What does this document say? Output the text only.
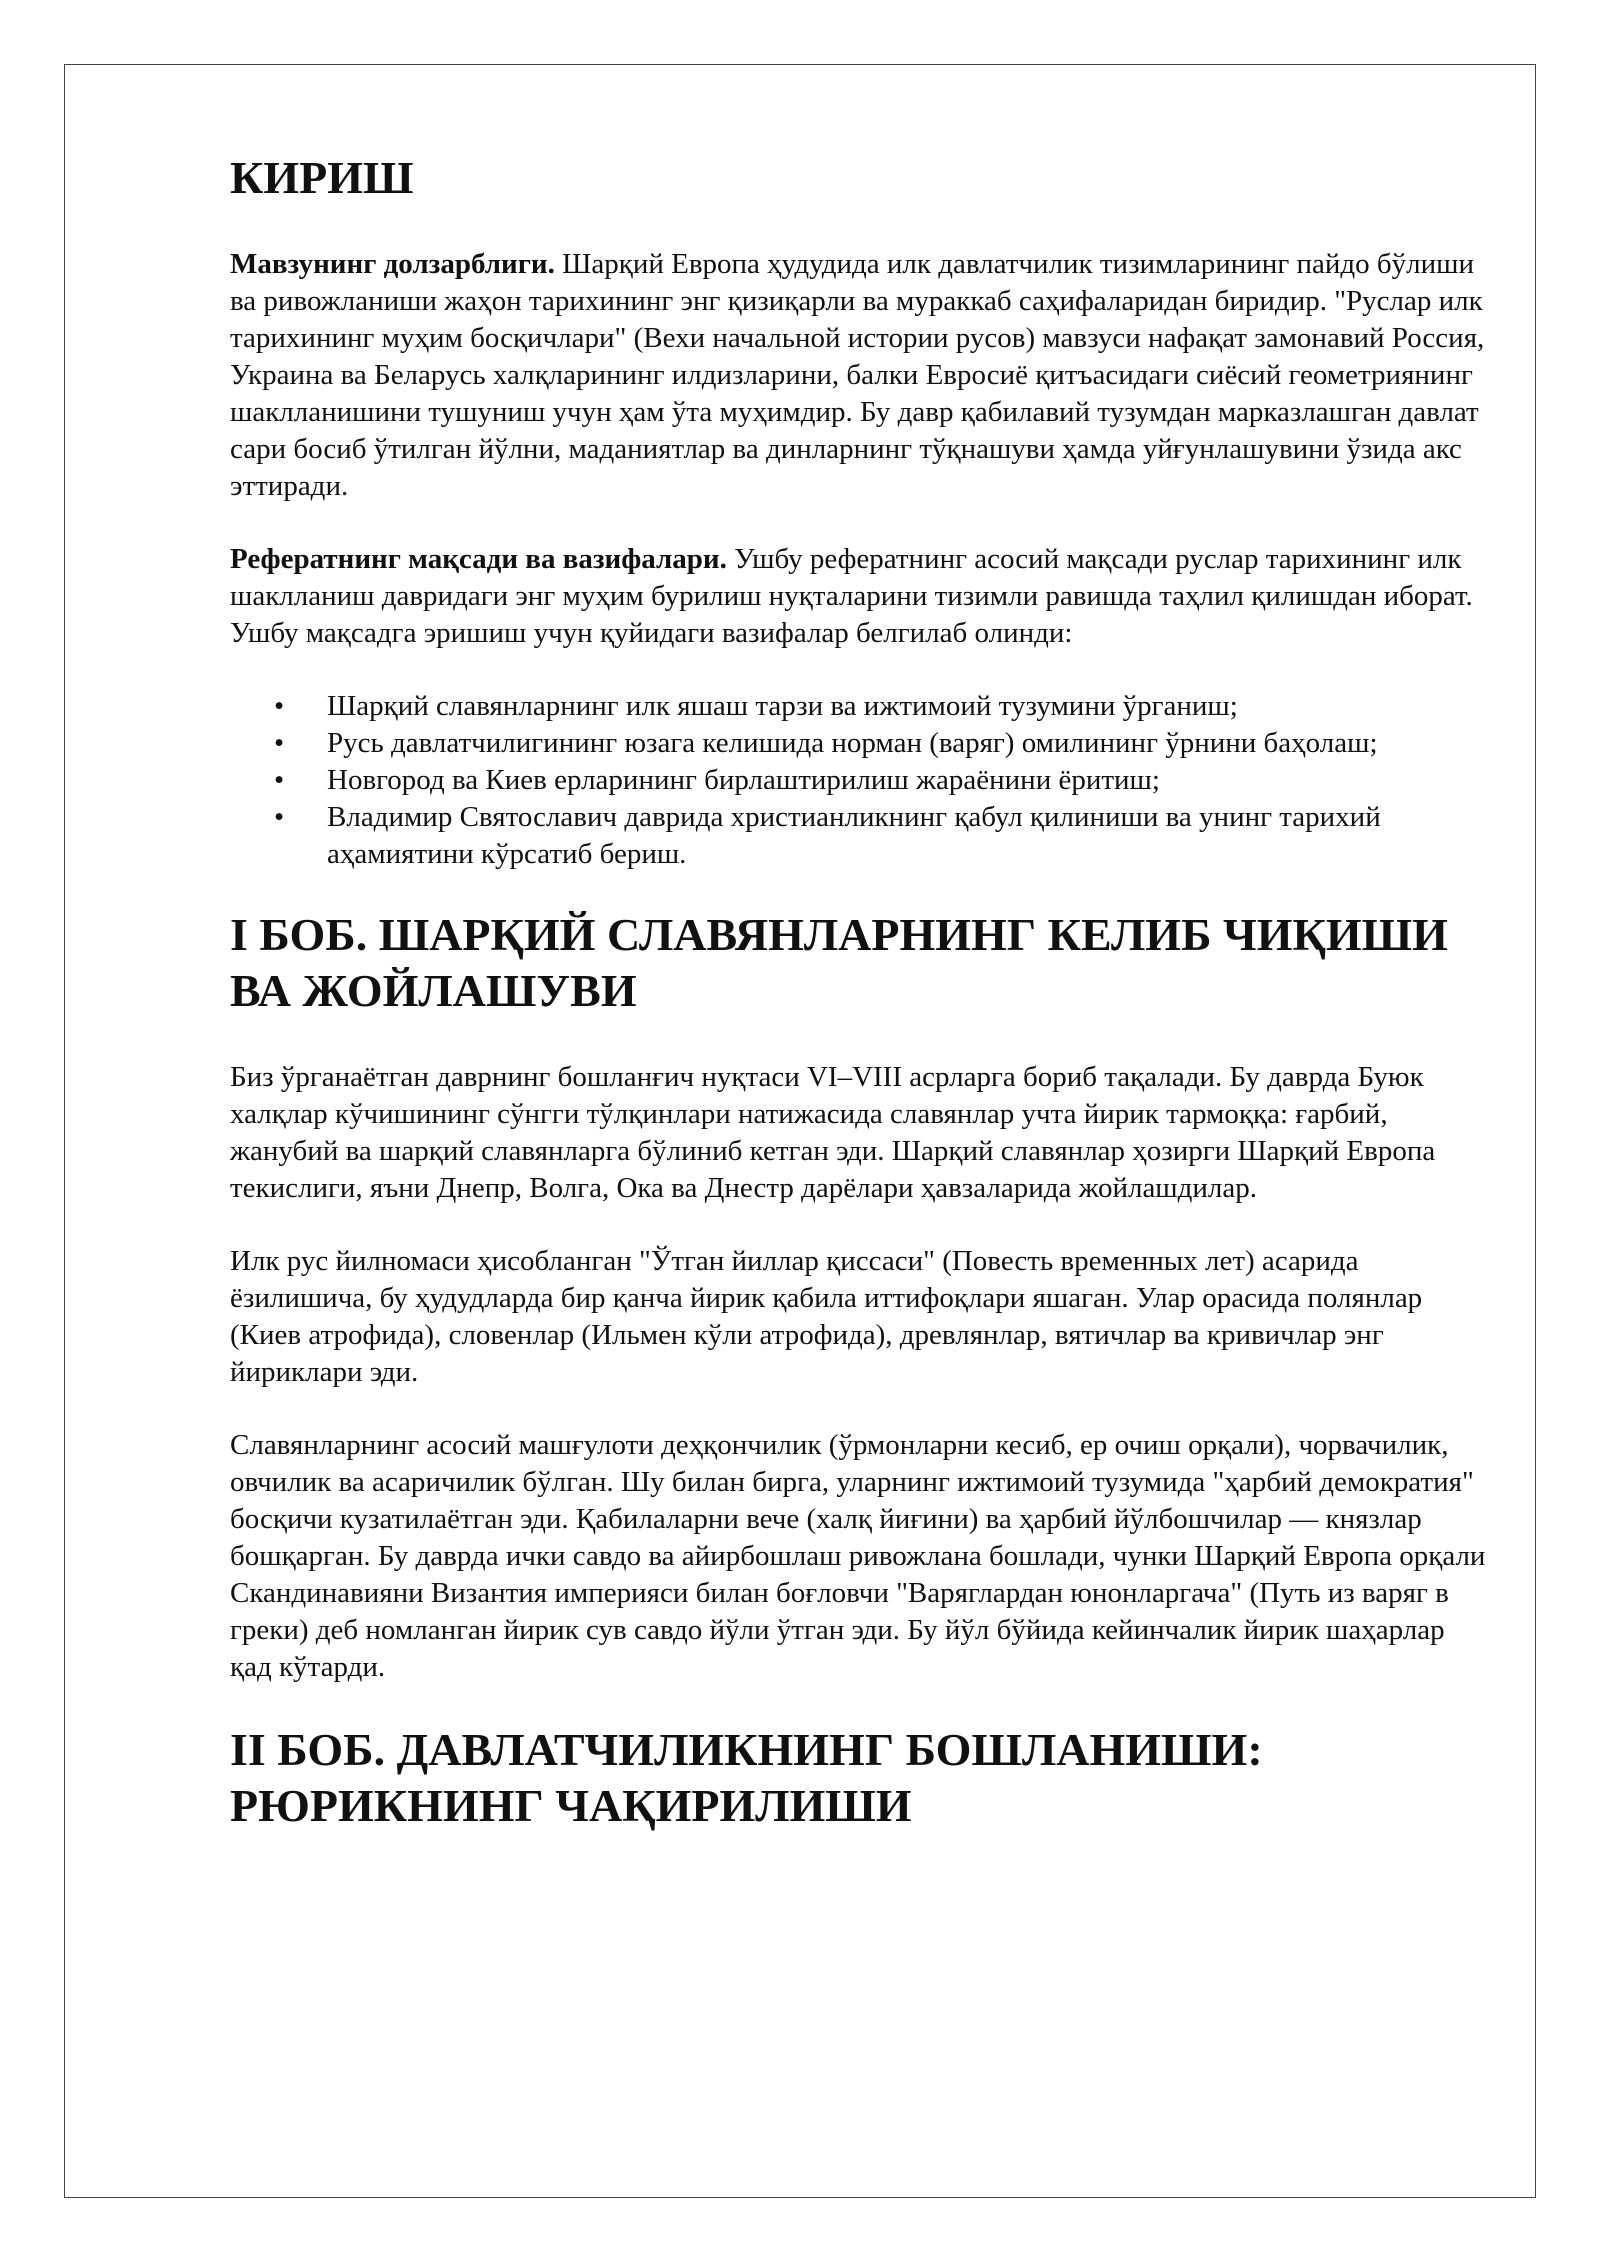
КИРИШ

Мавзунинг долзарблиги. Шарқий Европа ҳудудида илк давлатчилик тизимларининг пайдо бўлиши ва ривожланиши жаҳон тарихининг энг қизиқарли ва мураккаб саҳифаларидан биридир. "Руслар илк тарихининг муҳим босқичлари" (Вехи начальной истории русов) мавзуси нафақат замонавий Россия, Украина ва Беларусь халқларининг илдизларини, балки Евросиё қитъасидаги сиёсий геометриянинг шаклланишини тушуниш учун ҳам ўта муҳимдир. Бу давр қабилавий тузумдан марказлашган давлат сари босиб ўтилган йўлни, маданиятлар ва динларнинг тўқнашуви ҳамда уйғунлашувини ўзида акс эттиради.

Рефератнинг мақсади ва вазифалари. Ушбу рефератнинг асосий мақсади руслар тарихининг илк шаклланиш давридаги энг муҳим бурилиш нуқталарини тизимли равишда таҳлил қилишдан иборат. Ушбу мақсадга эришиш учун қуйидаги вазифалар белгилаб олинди:

• Шарқий славянларнинг илк яшаш тарзи ва ижтимоий тузумини ўрганиш;
• Русь давлатчилигининг юзага келишида норман (варяг) омилининг ўрнини баҳолаш;
• Новгород ва Киев ерларининг бирлаштирилиш жараёнини ёритиш;
• Владимир Святославич даврида христианликнинг қабул қилиниши ва унинг тарихий аҳамиятини кўрсатиб бериш.
I БОБ. ШАРҚИЙ СЛАВЯНЛАРНИНГ КЕЛИБ ЧИҚИШИ ВА ЖОЙЛАШУВИ

Биз ўрганаётган даврнинг бошланғич нуқтаси VI–VIII асрларга бориб тақалади. Бу даврда Буюк халқлар кўчишининг сўнгги тўлқинлари натижасида славянлар учта йирик тармоққа: ғарбий, жанубий ва шарқий славянларга бўлиниб кетган эди. Шарқий славянлар ҳозирги Шарқий Европа текислиги, яъни Днепр, Волга, Ока ва Днестр дарёлари ҳавзаларида жойлашдилар.

Илк рус йилномаси ҳисобланган "Ўтган йиллар қиссаси" (Повесть временных лет) асарида ёзилишича, бу ҳудудларда бир қанча йирик қабила иттифоқлари яшаган. Улар орасида полянлар (Киев атрофида), словенлар (Ильмен кўли атрофида), древлянлар, вятичлар ва кривичлар энг йириклари эди.

Славянларнинг асосий машғулоти деҳқончилик (ўрмонларни кесиб, ер очиш орқали), чорвачилик, овчилик ва асаричилик бўлган. Шу билан бирга, уларнинг ижтимоий тузумида "ҳарбий демократия" босқичи кузатилаётган эди. Қабилаларни вече (халқ йиғини) ва ҳарбий йўлбошчилар — князлар бошқарган. Бу даврда ички савдо ва айирбошлаш ривожлана бошлади, чунки Шарқий Европа орқали Скандинавияни Византия империяси билан боғловчи "Варяглардан юнонларгача" (Путь из варяг в греки) деб номланган йирик сув савдо йўли ўтган эди. Бу йўл бўйида кейинчалик йирик шаҳарлар қад кўтарди.

II БОБ. ДАВЛАТЧИЛИКНИНГ БОШЛАНИШИ: РЮРИКНИНГ ЧАҚИРИЛИШИ
